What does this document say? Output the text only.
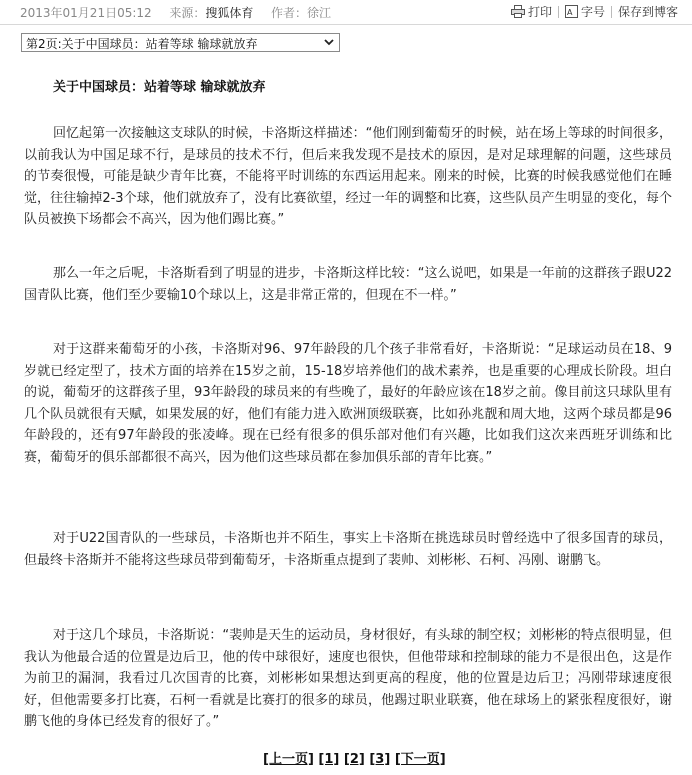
2013年01月21日05:12 来源：搜狐体育 作者：徐江	打印 A 字号 保存到博客
第2页:关于中国球员：站着等球 输球就放弃
关于中国球员：站着等球 输球就放弃

回忆起第一次接触这支球队的时候，卡洛斯这样描述：“他们刚到葡萄牙的时候，站在场上等球的时间很多，以前我认为中国足球不行，是球员的技术不行，但后来我发现不是技术的原因，是对足球理解的问题，这些球员的节奏很慢，可能是缺少青年比赛，不能将平时训练的东西运用起来。刚来的时候，比赛的时候我感觉他们在睡觉，往往输掉2-3个球，他们就放弃了，没有比赛欲望，经过一年的调整和比赛，这些队员产生明显的变化，每个队员被换下场都会不高兴，因为他们踢比赛。”

那么一年之后呢，卡洛斯看到了明显的进步，卡洛斯这样比较：“这么说吧，如果是一年前的这群孩子跟U22国青队比赛，他们至少要输10个球以上，这是非常正常的，但现在不一样。”

对于这群来葡萄牙的小孩，卡洛斯对96、97年龄段的几个孩子非常看好，卡洛斯说：“足球运动员在18、9岁就已经定型了，技术方面的培养在15岁之前，15-18岁培养他们的战术素养，也是重要的心理成长阶段。坦白的说，葡萄牙的这群孩子里，93年龄段的球员来的有些晚了，最好的年龄应该在18岁之前。像目前这只球队里有几个队员就很有天赋，如果发展的好，他们有能力进入欧洲顶级联赛，比如孙兆靓和周大地，这两个球员都是96年龄段的，还有97年龄段的张凌峰。现在已经有很多的俱乐部对他们有兴趣，比如我们这次来西班牙训练和比赛，葡萄牙的俱乐部都很不高兴，因为他们这些球员都在参加俱乐部的青年比赛。”

对于U22国青队的一些球员，卡洛斯也并不陌生，事实上卡洛斯在挑选球员时曾经选中了很多国青的球员，但最终卡洛斯并不能将这些球员带到葡萄牙，卡洛斯重点提到了裴帅、刘彬彬、石柯、冯刚、谢鹏飞。

对于这几个球员，卡洛斯说：“裴帅是天生的运动员，身材很好，有头球的制空权；刘彬彬的特点很明显，但我认为他最合适的位置是边后卫，他的传中球很好，速度也很快，但他带球和控制球的能力不是很出色，这是作为前卫的漏洞，我看过几次国青的比赛，刘彬彬如果想达到更高的程度，他的位置是边后卫；冯刚带球速度很好，但他需要多打比赛，石柯一看就是比赛打的很多的球员，他踢过职业联赛，他在球场上的紧张程度很好，谢鹏飞他的身体已经发育的很好了。”

[上一页] [1] [2] [3] [下一页]
